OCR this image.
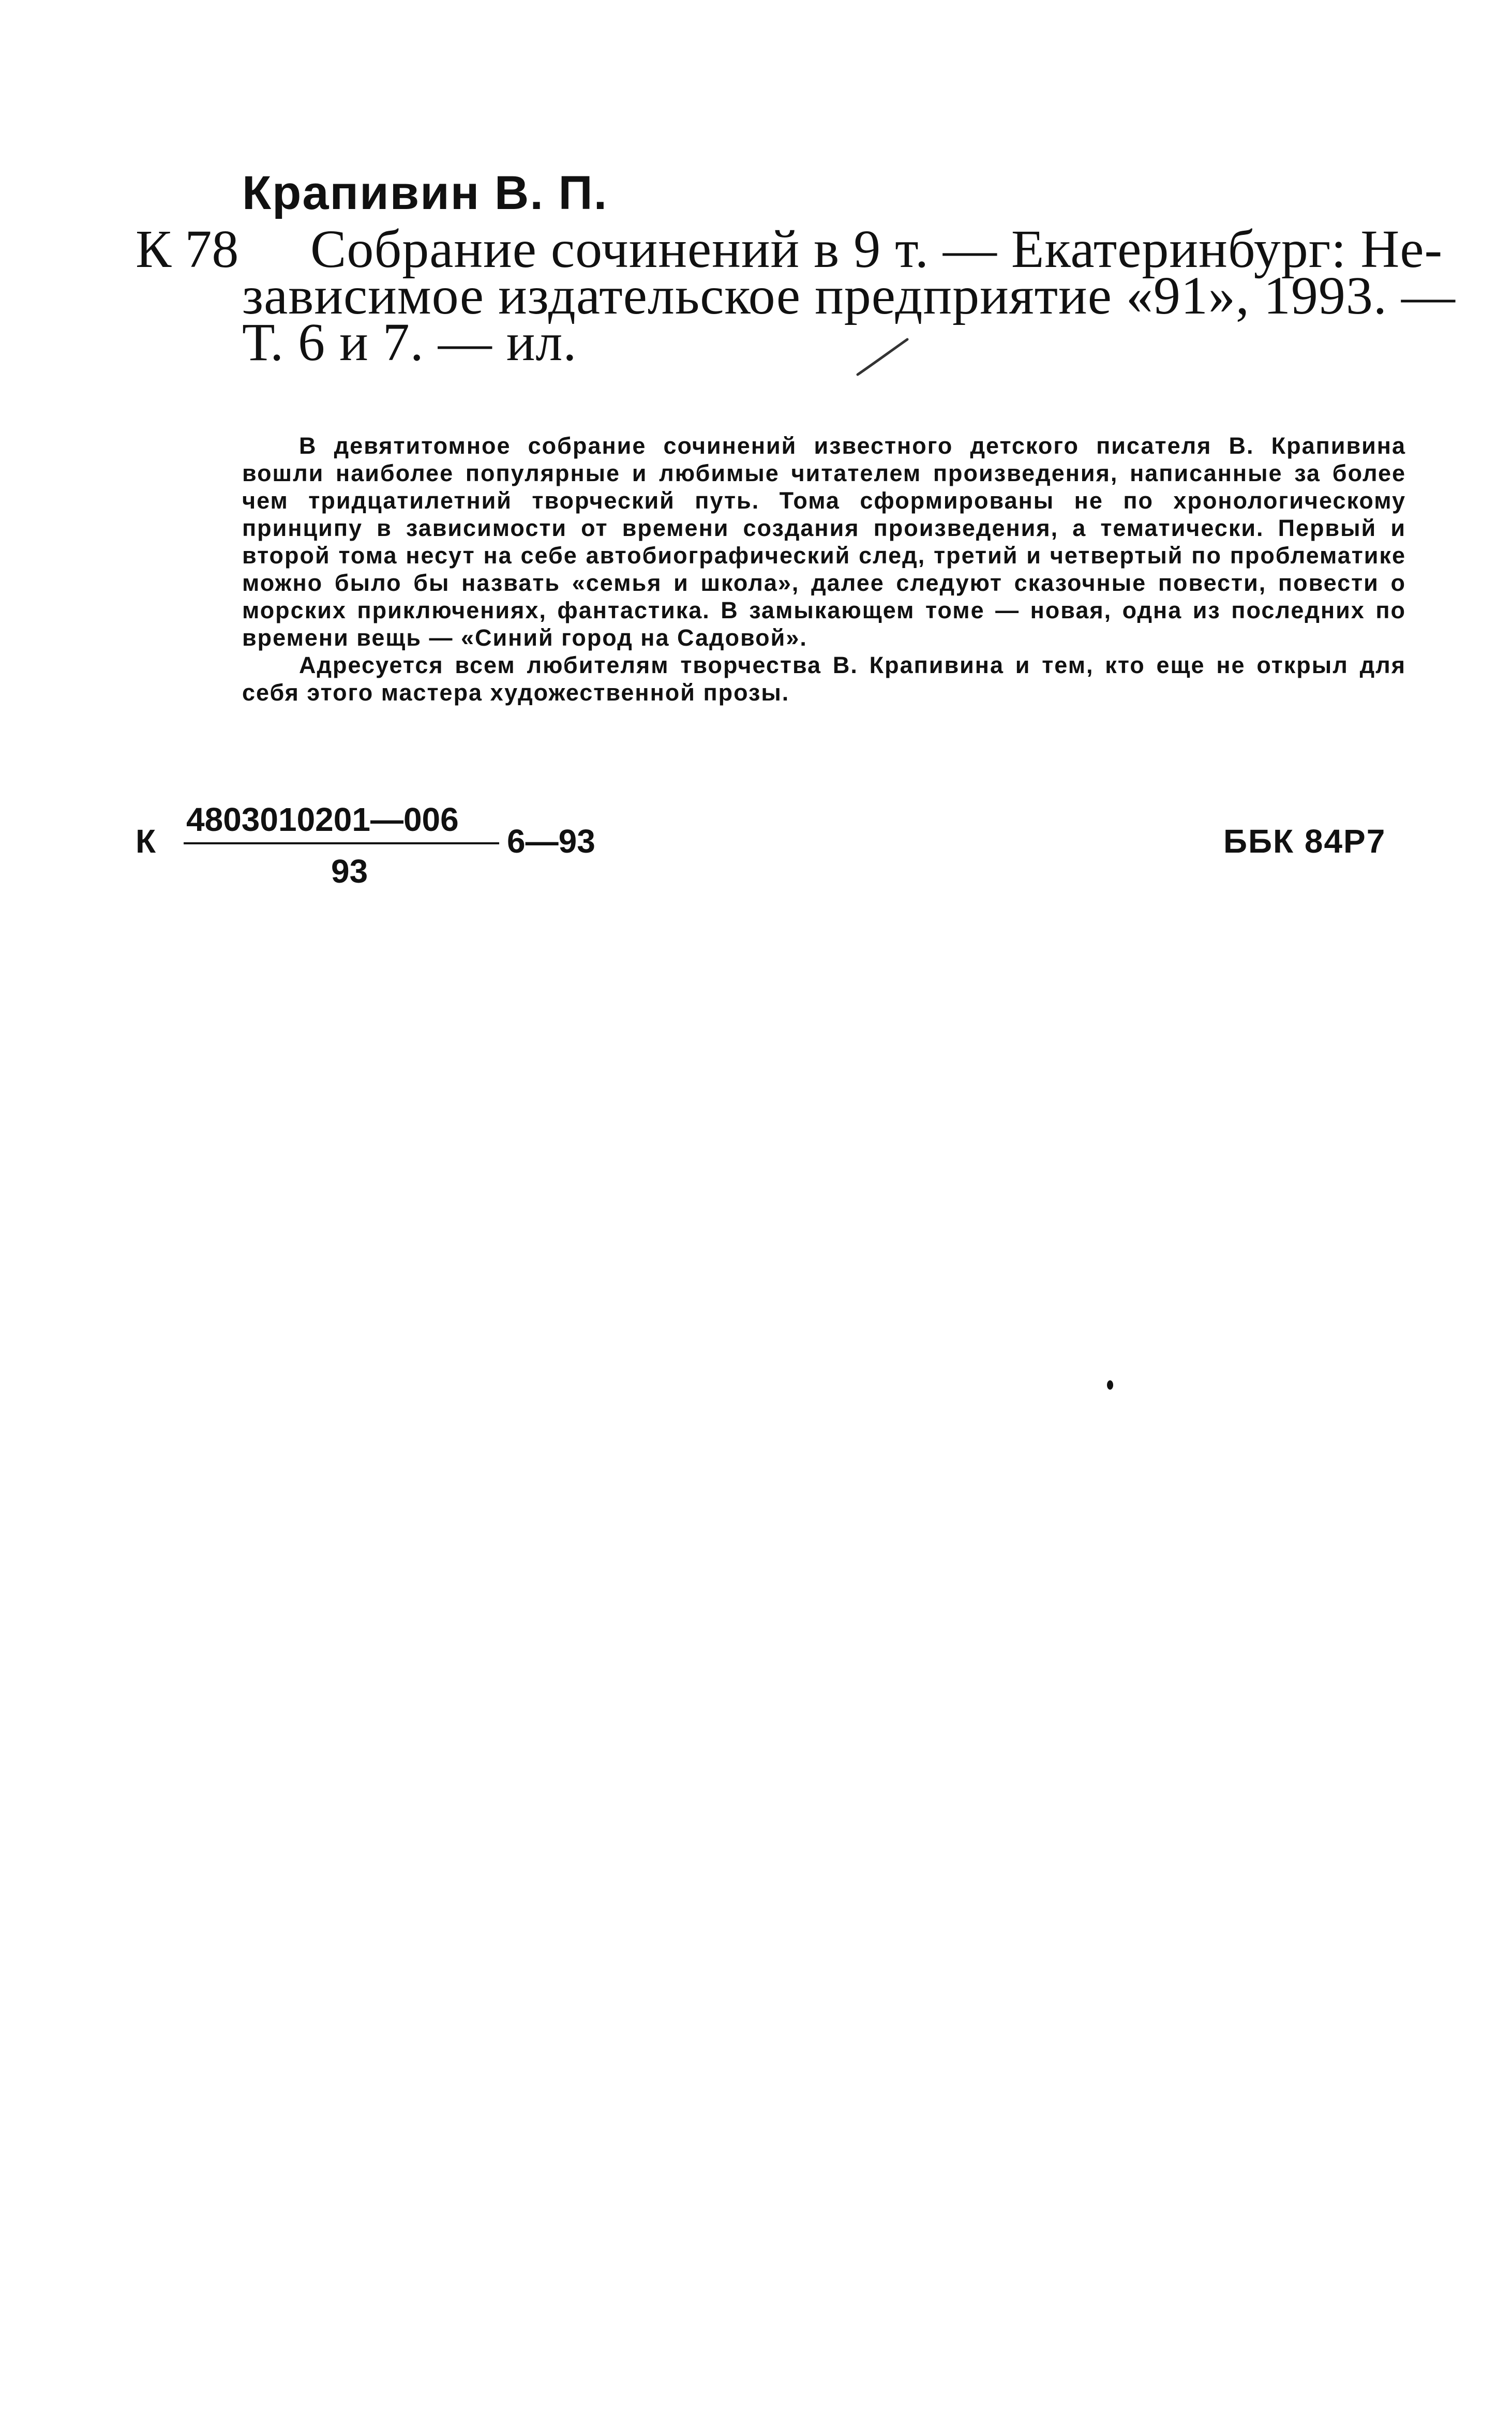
Крапивин В. П.
К 78 Собрание сочинений в 9 т. — Екатеринбург: Не-
зависимое издательское предприятие «91», 1993. —
Т. 6 и 7. — ил.

В девятитомное собрание сочинений известного детского писателя В. Крапивина вошли наиболее популярные и любимые читателем произведения, написанные за более чем тридцатилетний творческий путь. Тома сформированы не по хронологическому принципу в зависимости от времени создания произведения, а тематически. Первый и второй тома несут на себе автобиографический след, третий и четвертый по проблематике можно было бы назвать «семья и школа», далее следуют сказочные повести, повести о морских приключениях, фантастика. В замыкающем томе — новая, одна из последних по времени вещь — «Синий город на Садовой».

Адресуется всем любителям творчества В. Крапивина и тем, кто еще не открыл для себя этого мастера художественной прозы.

К
4803010201—006
93
6—93	ББК 84Р7
